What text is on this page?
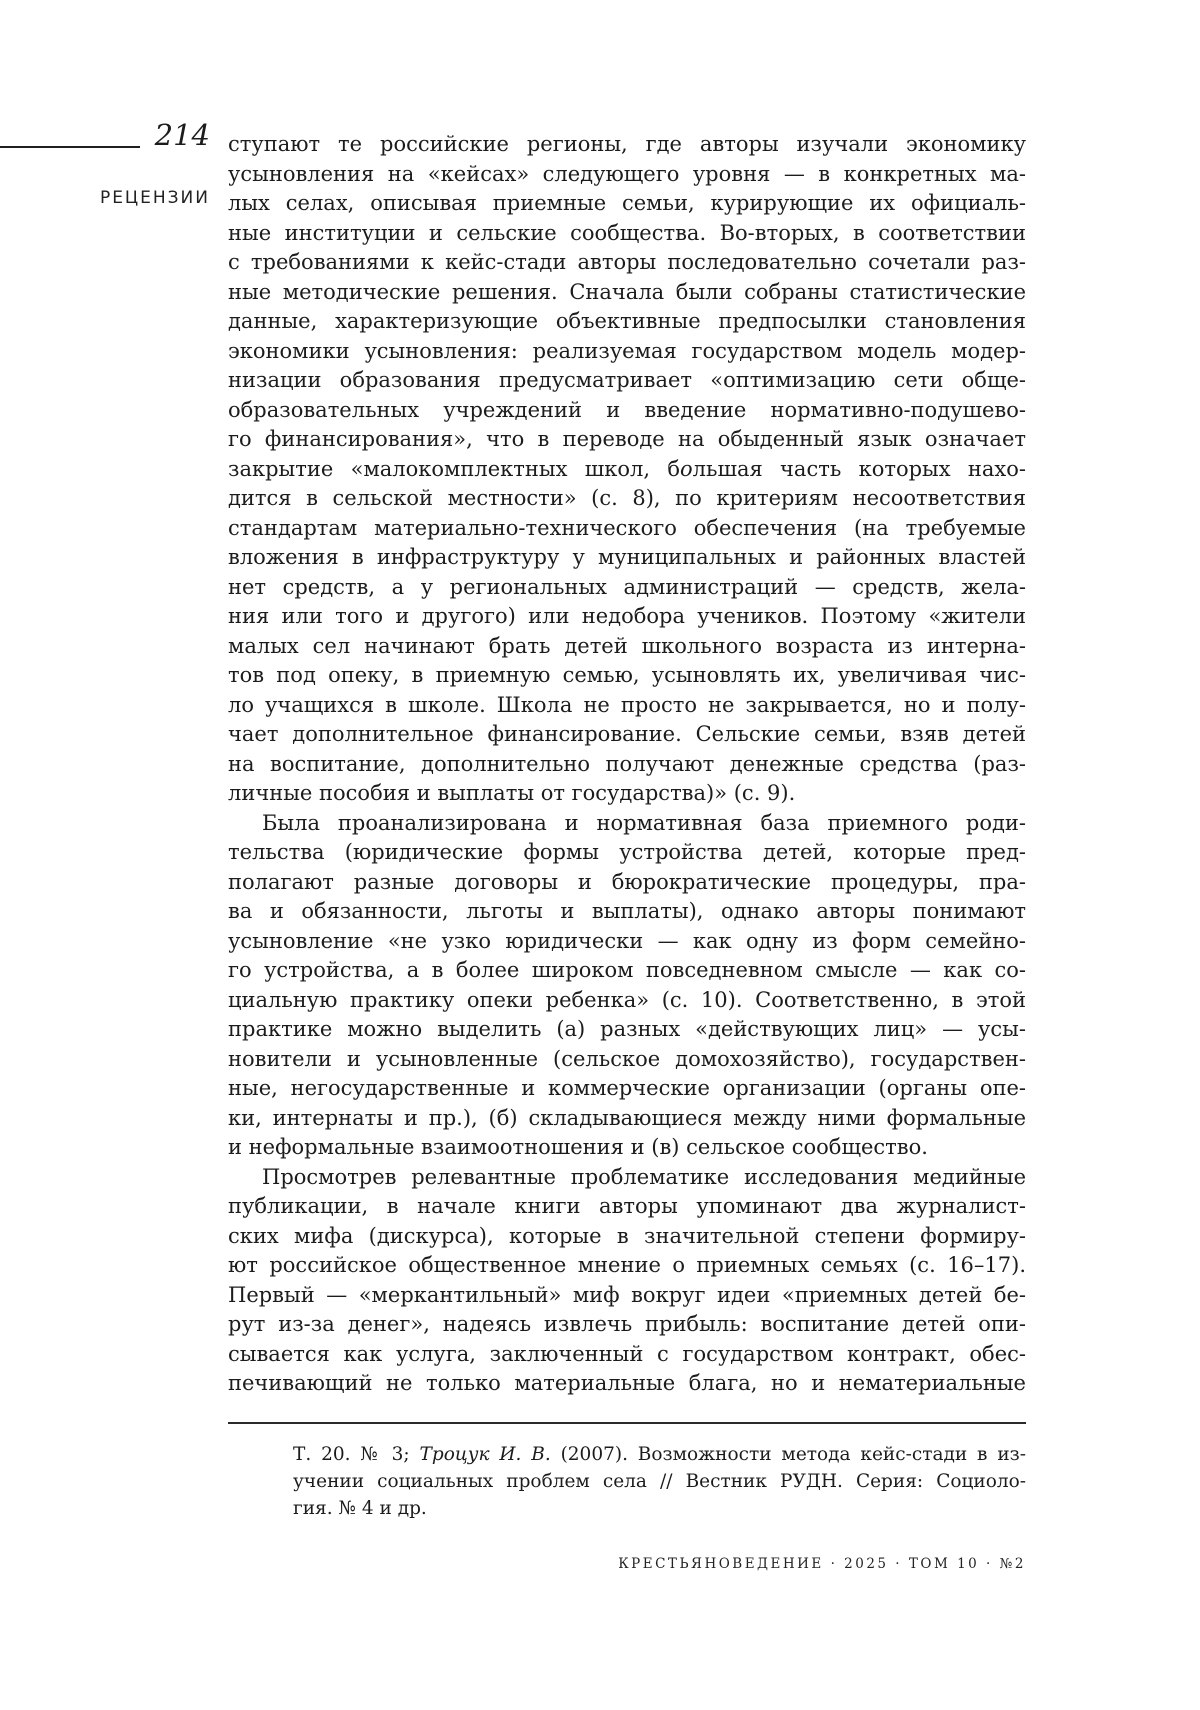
214
РЕЦЕНЗИИ
ступают те российские регионы, где авторы изучали экономику
усыновления на «кейсах» следующего уровня — в конкретных ма-
лых селах, описывая приемные семьи, курирующие их официаль-
ные институции и сельские сообщества. Во-вторых, в соответствии
с требованиями к кейс-стади авторы последовательно сочетали раз-
ные методические решения. Сначала были собраны статистические
данные, характеризующие объективные предпосылки становления
экономики усыновления: реализуемая государством модель модер-
низации образования предусматривает «оптимизацию сети обще-
образовательных учреждений и введение нормативно-подушево-
го финансирования», что в переводе на обыденный язык означает
закрытие «малокомплектных школ, большая часть которых нахо-
дится в сельской местности» (с. 8), по критериям несоответствия
стандартам материально-технического обеспечения (на требуемые
вложения в инфраструктуру у муниципальных и районных властей
нет средств, а у региональных администраций — средств, жела-
ния или того и другого) или недобора учеников. Поэтому «жители
малых сел начинают брать детей школьного возраста из интерна-
тов под опеку, в приемную семью, усыновлять их, увеличивая чис-
ло учащихся в школе. Школа не просто не закрывается, но и полу-
чает дополнительное финансирование. Сельские семьи, взяв детей
на воспитание, дополнительно получают денежные средства (раз-
личные пособия и выплаты от государства)» (с. 9).
Была проанализирована и нормативная база приемного роди-
тельства (юридические формы устройства детей, которые пред-
полагают разные договоры и бюрократические процедуры, пра-
ва и обязанности, льготы и выплаты), однако авторы понимают
усыновление «не узко юридически — как одну из форм семейно-
го устройства, а в более широком повседневном смысле — как со-
циальную практику опеки ребенка» (с. 10). Соответственно, в этой
практике можно выделить (а) разных «действующих лиц» — усы-
новители и усыновленные (сельское домохозяйство), государствен-
ные, негосударственные и коммерческие организации (органы опе-
ки, интернаты и пр.), (б) складывающиеся между ними формальные
и неформальные взаимоотношения и (в) сельское сообщество.
Просмотрев релевантные проблематике исследования медийные
публикации, в начале книги авторы упоминают два журналист-
ских мифа (дискурса), которые в значительной степени формиру-
ют российское общественное мнение о приемных семьях (с. 16–17).
Первый — «меркантильный» миф вокруг идеи «приемных детей бе-
рут из-за денег», надеясь извлечь прибыль: воспитание детей опи-
сывается как услуга, заключенный с государством контракт, обес-
печивающий не только материальные блага, но и нематериальные
Т. 20. № 3; Троцук И. В. (2007). Возможности метода кейс-стади в из-
учении социальных проблем села // Вестник РУДН. Серия: Социоло-
гия. № 4 и др.
КРЕСТЬЯНОВЕДЕНИЕ · 2025 · ТОМ 10 · №2
